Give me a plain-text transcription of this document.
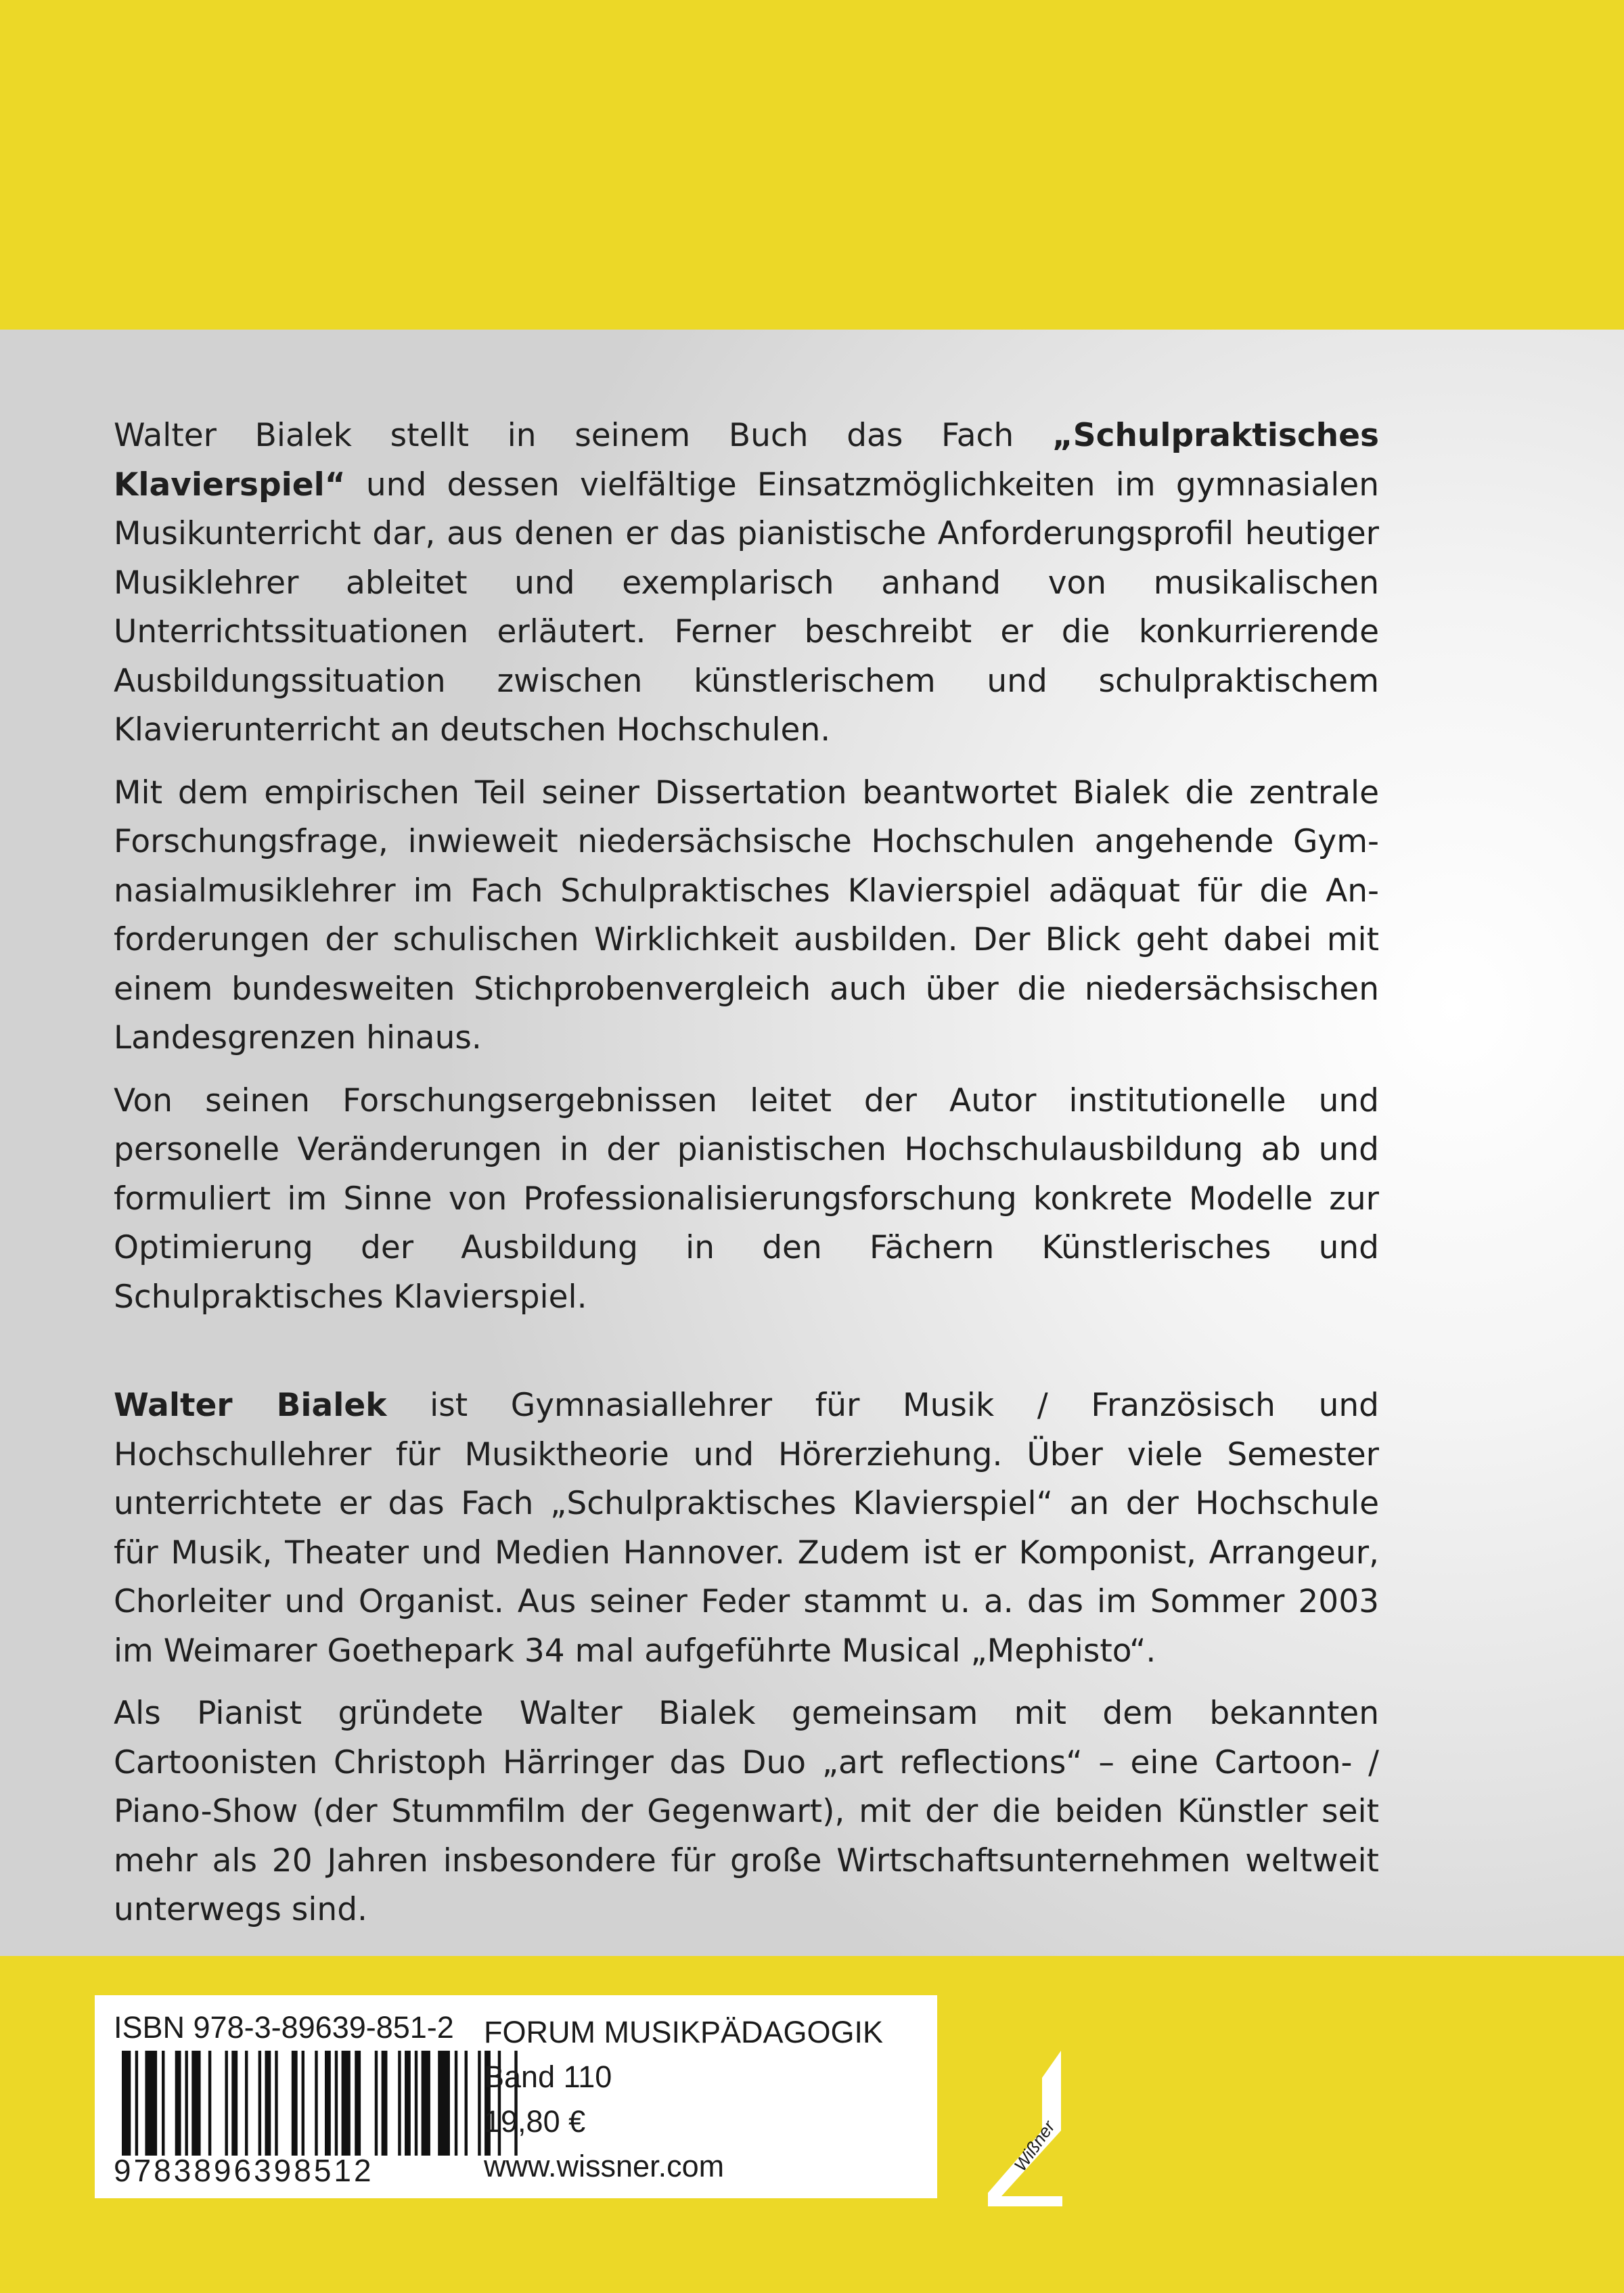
Walter Bialek stellt in seinem Buch das Fach „Schulpraktisches Klavierspiel“ und dessen vielfältige Einsatzmöglichkeiten im gymnasialen Musikunterricht dar, aus denen er das pianistische Anforderungsprofil heutiger Musiklehrer ableitet und exemplarisch anhand von musikalischen Unterrichtssituationen erläutert. Ferner beschreibt er die konkurrierende Ausbildungssituation zwischen künstlerischem und schulpraktischem Klavierunterricht an deutschen Hochschulen.

Mit dem empirischen Teil seiner Dissertation beantwortet Bialek die zentrale Forschungsfrage, inwieweit niedersächsische Hochschulen angehende Gymnasialmusiklehrer im Fach Schulpraktisches Klavierspiel adäquat für die Anforderungen der schulischen Wirklichkeit ausbilden. Der Blick geht dabei mit einem bundesweiten Stichprobenvergleich auch über die niedersächsischen Landesgrenzen hinaus.

Von seinen Forschungsergebnissen leitet der Autor institutionelle und personelle Veränderungen in der pianistischen Hochschulausbildung ab und formuliert im Sinne von Professionalisierungsforschung konkrete Modelle zur Optimierung der Ausbildung in den Fächern Künstlerisches und Schulpraktisches Klavierspiel.

Walter Bialek ist Gymnasiallehrer für Musik / Französisch und Hochschullehrer für Musiktheorie und Hörerziehung. Über viele Semester unterrichtete er das Fach „Schulpraktisches Klavierspiel“ an der Hochschule für Musik, Theater und Medien Hannover. Zudem ist er Komponist, Arrangeur, Chorleiter und Organist. Aus seiner Feder stammt u. a. das im Sommer 2003 im Weimarer Goethepark 34 mal aufgeführte Musical „Mephisto“.

Als Pianist gründete Walter Bialek gemeinsam mit dem bekannten Cartoonisten Christoph Härringer das Duo „art reflections“ – eine Cartoon- / Piano-Show (der Stummfilm der Gegenwart), mit der die beiden Künstler seit mehr als 20 Jahren insbesondere für große Wirtschaftsunternehmen weltweit unterwegs sind.

ISBN 978-3-89639-851-2
9783896398512
FORUM MUSIKPÄDAGOGIK
Band 110
19,80 €
www.wissner.com	Wißner
